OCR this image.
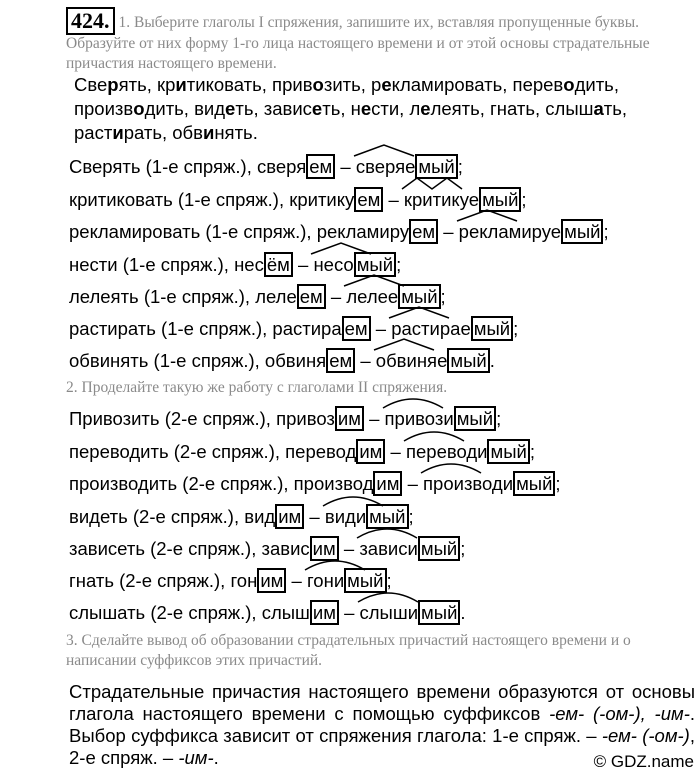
424. 1. Выберите глаголы I спряжения, запишите их, вставляя пропущенные буквы. Образуйте от них форму 1-го лица настоящего времени и от этой основы страдательные причастия настоящего времени.
Сверять, критиковать, привозить, рекламировать, переводить, производить, видеть, зависеть, нести, лелеять, гнать, слышать, растирать, обвинять.
Сверять (1-е спряж.), сверя ем –
сверяе мый ;
критиковать (1-е спряж.), критику ем –
критикуе мый ;
рекламировать (1-е спряж.), рекламиру ем –
рекламируе мый ;
нести (1-е спряж.), нес ём –
несо мый ;
лелеять (1-е спряж.), леле ем –
лелее мый ;
растирать (1-е спряж.), растира ем –
растирае мый ;
обвинять (1-е спряж.), обвиня ем –
обвиняе мый .
2. Проделайте такую же работу с глаголами II спряжения.
Привозить (2-е спряж.), привоз им –
привози мый ;
переводить (2-е спряж.), перевод им –
переводи мый ;
производить (2-е спряж.), производ им –
производи мый ;
видеть (2-е спряж.), вид им –
види мый ;
зависеть (2-е спряж.), завис им –
зависи мый ;
гнать (2-е спряж.), гон им –
гони мый ;
слышать (2-е спряж.), слыш им –
слыши мый .
3. Сделайте вывод об образовании страдательных причастий настоящего времени и о написании суффиксов этих причастий.
Страдательные причастия настоящего времени образуются от основы глагола настоящего времени с помощью суффиксов -ем- (-ом-), -им-. Выбор суффикса зависит от спряжения глагола: 1-е спряж. – -ем- (-ом-), 2-е спряж. – -им-.	© GDZ.name
